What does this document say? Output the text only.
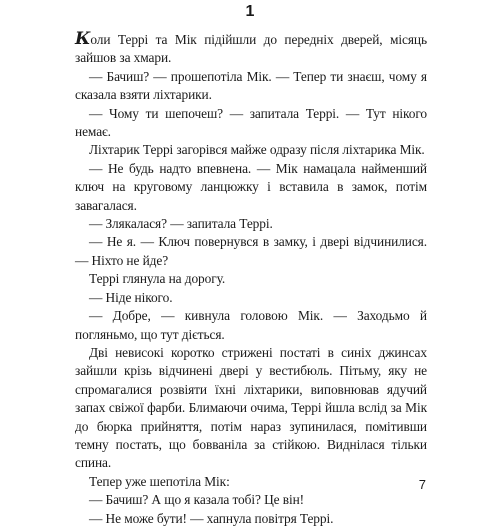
1

Коли Террі та Мік підійшли до передніх дверей, місяць зайшов за хмари.

— Бачиш? — прошепотіла Мік. — Тепер ти знаєш, чому я сказала взяти ліхтарики.

— Чому ти шепочеш? — запитала Террі. — Тут нікого немає.

Ліхтарик Террі загорівся майже одразу після ліхтарика Мік.

— Не будь надто впевнена. — Мік намацала найменший ключ на круговому ланцюжку і вставила в замок, потім завагалася.

— Злякалася? — запитала Террі.

— Не я. — Ключ повернувся в замку, і двері відчинилися. — Ніхто не йде?

Террі глянула на дорогу.

— Ніде нікого.

— Добре, — кивнула головою Мік. — Заходьмо й погляньмо, що тут діється.

Дві невисокі коротко стрижені постаті в синіх джинсах зайшли крізь відчинені двері у вестибюль. Пітьму, яку не спромагалися розвіяти їхні ліхтарики, виповнював ядучий запах свіжої фарби. Блимаючи очима, Террі йшла вслід за Мік до бюрка прийняття, потім нараз зупинилася, помітивши темну постать, що бовваніла за стійкою. Виднілася тільки спина.

Тепер уже шепотіла Мік:

— Бачиш? А що я казала тобі? Це він!

— Не може бути! — хапнула повітря Террі.

7
